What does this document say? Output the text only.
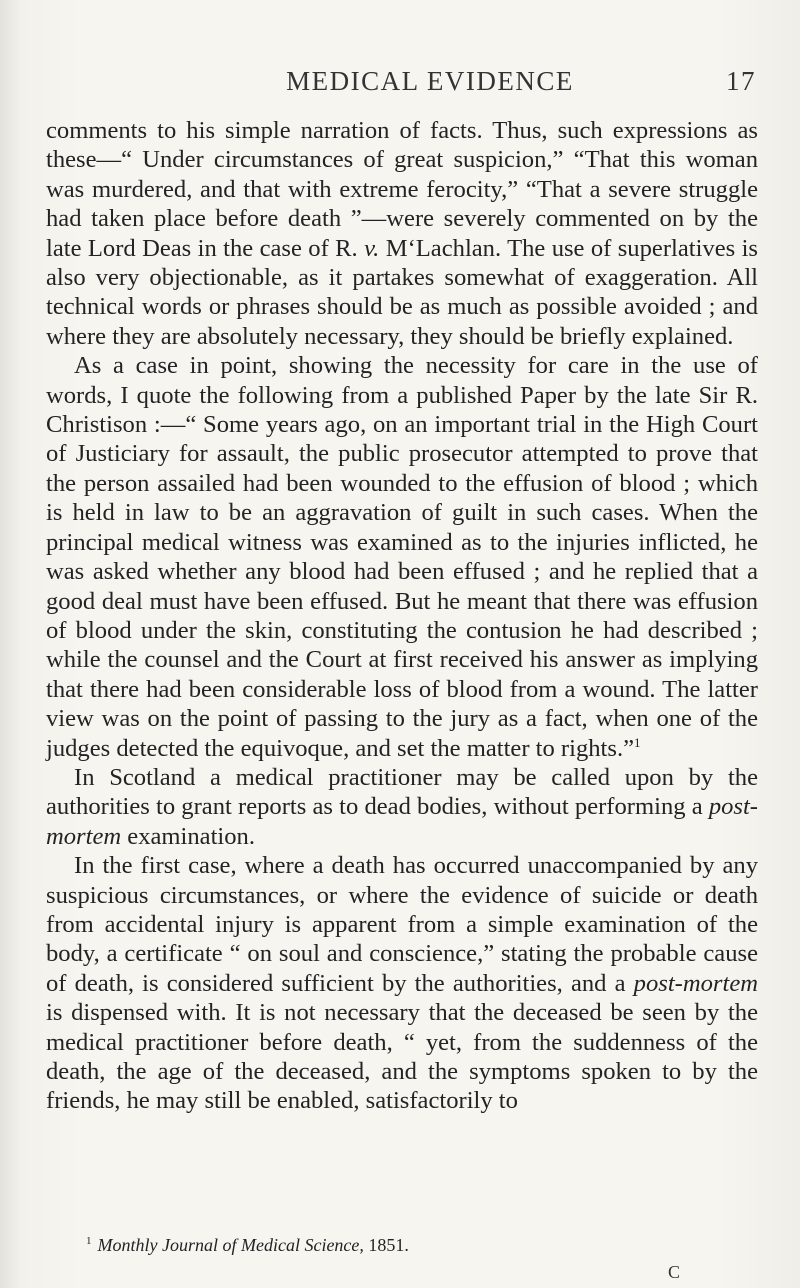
MEDICAL EVIDENCE	17

comments to his simple narration of facts. Thus, such expressions as these—“ Under circumstances of great suspicion,” “That this woman was murdered, and that with extreme ferocity,” “That a severe struggle had taken place before death ”—were severely commented on by the late Lord Deas in the case of R. v. M‘Lachlan. The use of superlatives is also very objectionable, as it partakes somewhat of exaggeration. All technical words or phrases should be as much as possible avoided ; and where they are absolutely necessary, they should be briefly explained.

As a case in point, showing the necessity for care in the use of words, I quote the following from a published Paper by the late Sir R. Christison :—“ Some years ago, on an important trial in the High Court of Justiciary for assault, the public prosecutor attempted to prove that the person assailed had been wounded to the effusion of blood ; which is held in law to be an aggravation of guilt in such cases. When the principal medical witness was examined as to the injuries inflicted, he was asked whether any blood had been effused ; and he replied that a good deal must have been effused. But he meant that there was effusion of blood under the skin, constituting the contusion he had described ; while the counsel and the Court at first received his answer as implying that there had been considerable loss of blood from a wound. The latter view was on the point of passing to the jury as a fact, when one of the judges detected the equivoque, and set the matter to rights.”$^1$

In Scotland a medical practitioner may be called upon by the authorities to grant reports as to dead bodies, without performing a post-mortem examination.

In the first case, where a death has occurred unaccompanied by any suspicious circumstances, or where the evidence of suicide or death from accidental injury is apparent from a simple examination of the body, a certificate “ on soul and conscience,” stating the probable cause of death, is considered sufficient by the authorities, and a post-mortem is dispensed with. It is not necessary that the deceased be seen by the medical practitioner before death, “ yet, from the suddenness of the death, the age of the deceased, and the symptoms spoken to by the friends, he may still be enabled, satisfactorily to

$^1$ Monthly Journal of Medical Science, 1851.
C
